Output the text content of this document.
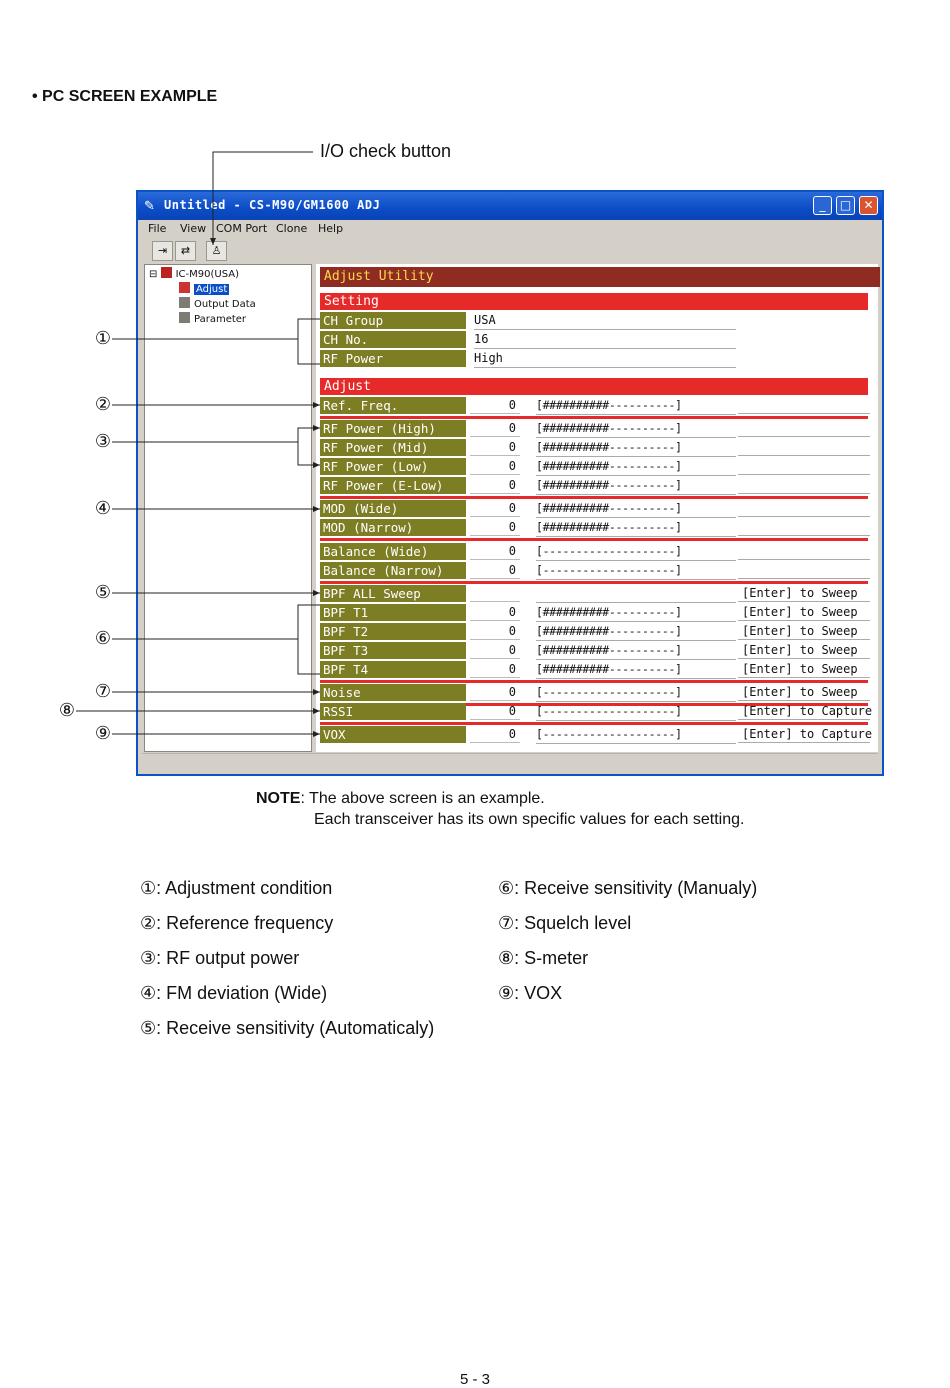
• PC SCREEN EXAMPLE
I/O check button
✎ Untitled - CS-M90/GM1600 ADJ	_	□	✕
File View COM Port Clone Help
⇥	⇄	♙
⊟ IC-M90(USA)
Adjust
Output Data
Parameter
Adjust Utility
Setting
CH Group	USA
CH No.	16
RF Power	High
Adjust
Ref. Freq.	0	[##########----------]
RF Power (High)	0	[##########----------]
RF Power (Mid)	0	[##########----------]
RF Power (Low)	0	[##########----------]
RF Power (E-Low)	0	[##########----------]
MOD (Wide)	0	[##########----------]
MOD (Narrow)	0	[##########----------]
Balance (Wide)	0	[--------------------]
Balance (Narrow)	0	[--------------------]
BPF ALL Sweep	[Enter] to Sweep
BPF T1	0	[##########----------]	[Enter] to Sweep
BPF T2	0	[##########----------]	[Enter] to Sweep
BPF T3	0	[##########----------]	[Enter] to Sweep
BPF T4	0	[##########----------]	[Enter] to Sweep
Noise	0	[--------------------]	[Enter] to Sweep
RSSI	0	[--------------------]	[Enter] to Capture
VOX	0	[--------------------]	[Enter] to Capture
①
②
③
④
⑤
⑥
⑦
⑧
⑨
NOTE: The above screen is an example.
Each transceiver has its own specific values for each setting.
①: Adjustment condition
②: Reference frequency
③: RF output power
④: FM deviation (Wide)
⑤: Receive sensitivity (Automaticaly)
⑥: Receive sensitivity (Manualy)
⑦: Squelch level
⑧: S-meter
⑨: VOX
5 - 3
